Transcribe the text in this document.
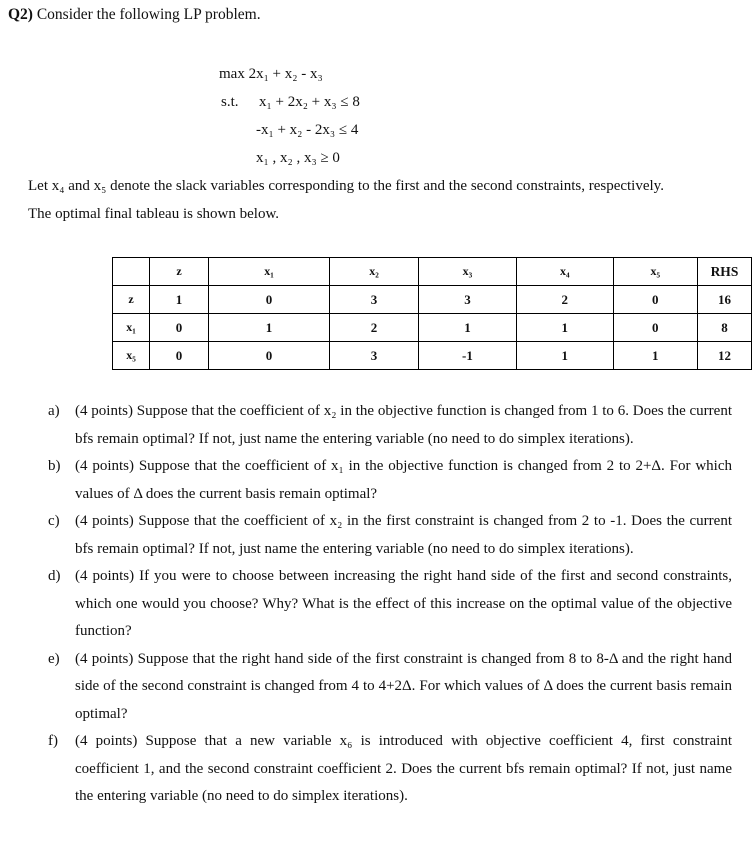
Q2) Consider the following LP problem.
max 2x₁ + x₂ - x₃
s.t. x₁ + 2x₂ + x₃ ≤ 8
-x₁ + x₂ - 2x₃ ≤ 4
x₁ , x₂ , x₃ ≥ 0
Let x₄ and x₅ denote the slack variables corresponding to the first and the second constraints, respectively.
The optimal final tableau is shown below.
	z	x₁	x₂	x₃	x₄	x₅	RHS
z	1	0	3	3	2	0	16
x₁	0	1	2	1	1	0	8
x₅	0	0	3	-1	1	1	12
a) (4 points) Suppose that the coefficient of x₂ in the objective function is changed from 1 to 6. Does the current bfs remain optimal? If not, just name the entering variable (no need to do simplex iterations).
b) (4 points) Suppose that the coefficient of x₁ in the objective function is changed from 2 to 2+Δ. For which values of Δ does the current basis remain optimal?
c) (4 points) Suppose that the coefficient of x₂ in the first constraint is changed from 2 to -1. Does the current bfs remain optimal? If not, just name the entering variable (no need to do simplex iterations).
d) (4 points) If you were to choose between increasing the right hand side of the first and second constraints, which one would you choose? Why? What is the effect of this increase on the optimal value of the objective function?
e) (4 points) Suppose that the right hand side of the first constraint is changed from 8 to 8-Δ and the right hand side of the second constraint is changed from 4 to 4+2Δ. For which values of Δ does the current basis remain optimal?
f) (4 points) Suppose that a new variable x₆ is introduced with objective coefficient 4, first constraint coefficient 1, and the second constraint coefficient 2. Does the current bfs remain optimal? If not, just name the entering variable (no need to do simplex iterations).
